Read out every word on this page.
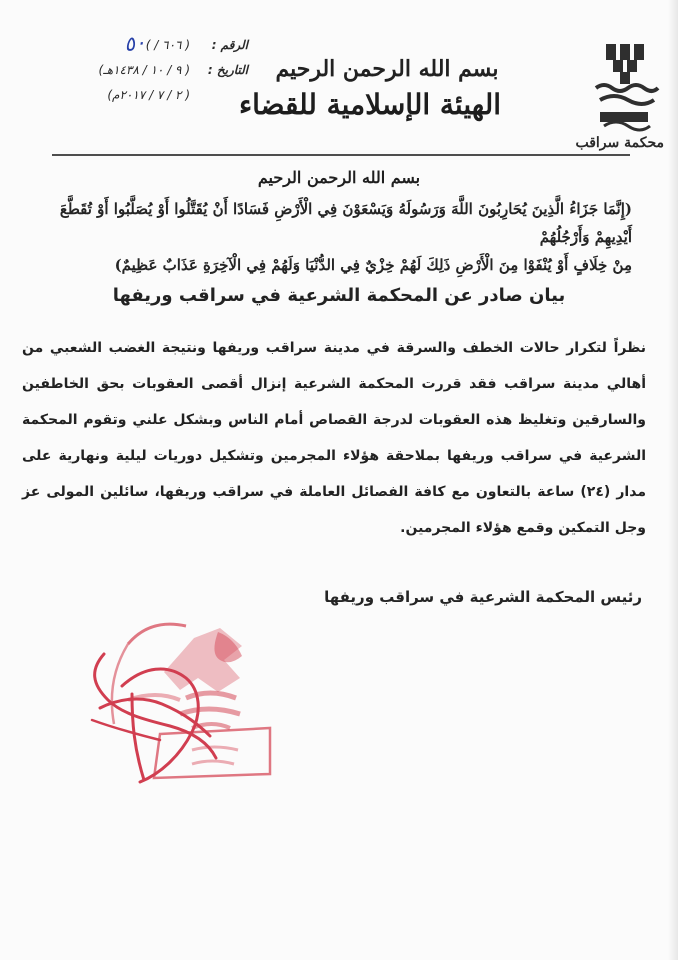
الرقم :
( ٦٠٦ / )
٥٠
التاريخ :
( ٩ / ١٠ / ١٤٣٨هـ)
( ٢ / ٧ / ٢٠١٧م)
بسم الله الرحمن الرحيم
الهيئة الإسلامية للقضاء
محكمة سراقب
بسم الله الرحمن الرحيم
(إِنَّمَا جَزَاءُ الَّذِينَ يُحَارِبُونَ اللَّهَ وَرَسُولَهُ وَيَسْعَوْنَ فِي الْأَرْضِ فَسَادًا أَنْ يُقَتَّلُوا أَوْ يُصَلَّبُوا أَوْ تُقَطَّعَ أَيْدِيهِمْ وَأَرْجُلُهُمْ
مِنْ خِلَافٍ أَوْ يُنْفَوْا مِنَ الْأَرْضِ ذَلِكَ لَهُمْ خِزْيٌ فِي الدُّنْيَا وَلَهُمْ فِي الْآخِرَةِ عَذَابٌ عَظِيمٌ)
بيان صادر عن المحكمة الشرعية في سراقب وريفها
نظراً لتكرار حالات الخطف والسرقة في مدينة سراقب وريفها ونتيجة الغضب الشعبي من أهالي مدينة سراقب فقد قررت المحكمة الشرعية إنزال أقصى العقوبات بحق الخاطفين والسارقين وتغليظ هذه العقوبات لدرجة القصاص أمام الناس وبشكل علني وتقوم المحكمة الشرعية في سراقب وريفها بملاحقة هؤلاء المجرمين وتشكيل دوريات ليلية ونهارية على مدار (٢٤) ساعة بالتعاون مع كافة الفصائل العاملة في سراقب وريفها، سائلين المولى عز وجل التمكين وقمع هؤلاء المجرمين.
رئيس المحكمة الشرعية في سراقب وريفها
